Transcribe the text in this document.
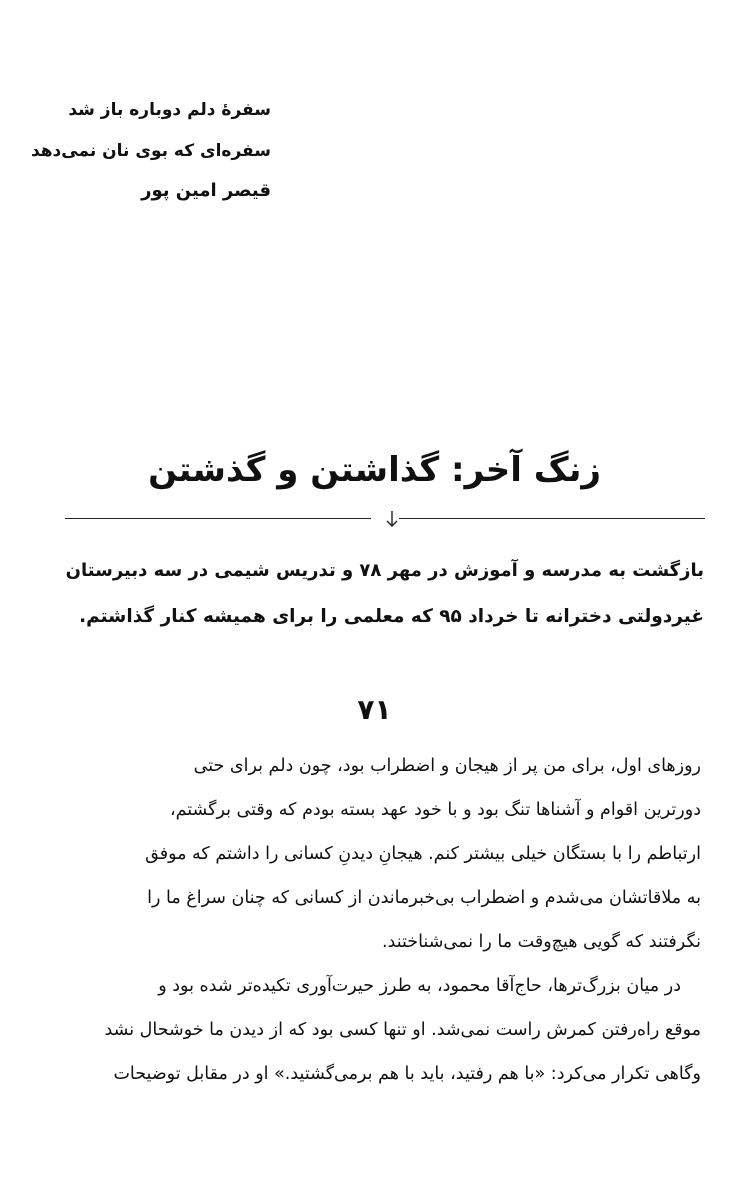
سفرهٔ دلم دوباره باز شد
سفره‌ای که بوی نان نمی‌دهد
قیصر امین پور
زنگ آخر: گذاشتن و گذشتن
بازگشت به مدرسه و آموزش در مهر ۷۸ و تدریس شیمی در سه دبیرستان
غیردولتی دخترانه تا خرداد ۹۵ که معلمی را برای همیشه کنار گذاشتم.
۷۱
روزهای اول، برای من پر از هیجان و اضطراب بود، چون دلم برای حتی
دورترین اقوام و آشناها تنگ بود و با خود عهد بسته بودم که وقتی برگشتم،
ارتباطم را با بستگان خیلی بیشتر کنم. هیجانِ دیدنِ کسانی را داشتم که موفق
به ملاقاتشان می‌شدم و اضطراب بی‌خبرماندن از کسانی که چنان سراغ ما را
نگرفتند که گویی هیچ‌وقت ما را نمی‌شناختند.
در میان بزرگ‌ترها، حاج‌آقا محمود، به طرز حیرت‌آوری تکیده‌تر شده بود و
موقع راه‌رفتن کمرش راست نمی‌شد. او تنها کسی بود که از دیدن ما خوشحال نشد
وگاهی تکرار می‌کرد: «با هم رفتید، باید با هم برمی‌گشتید.» او در مقابل توضیحات
